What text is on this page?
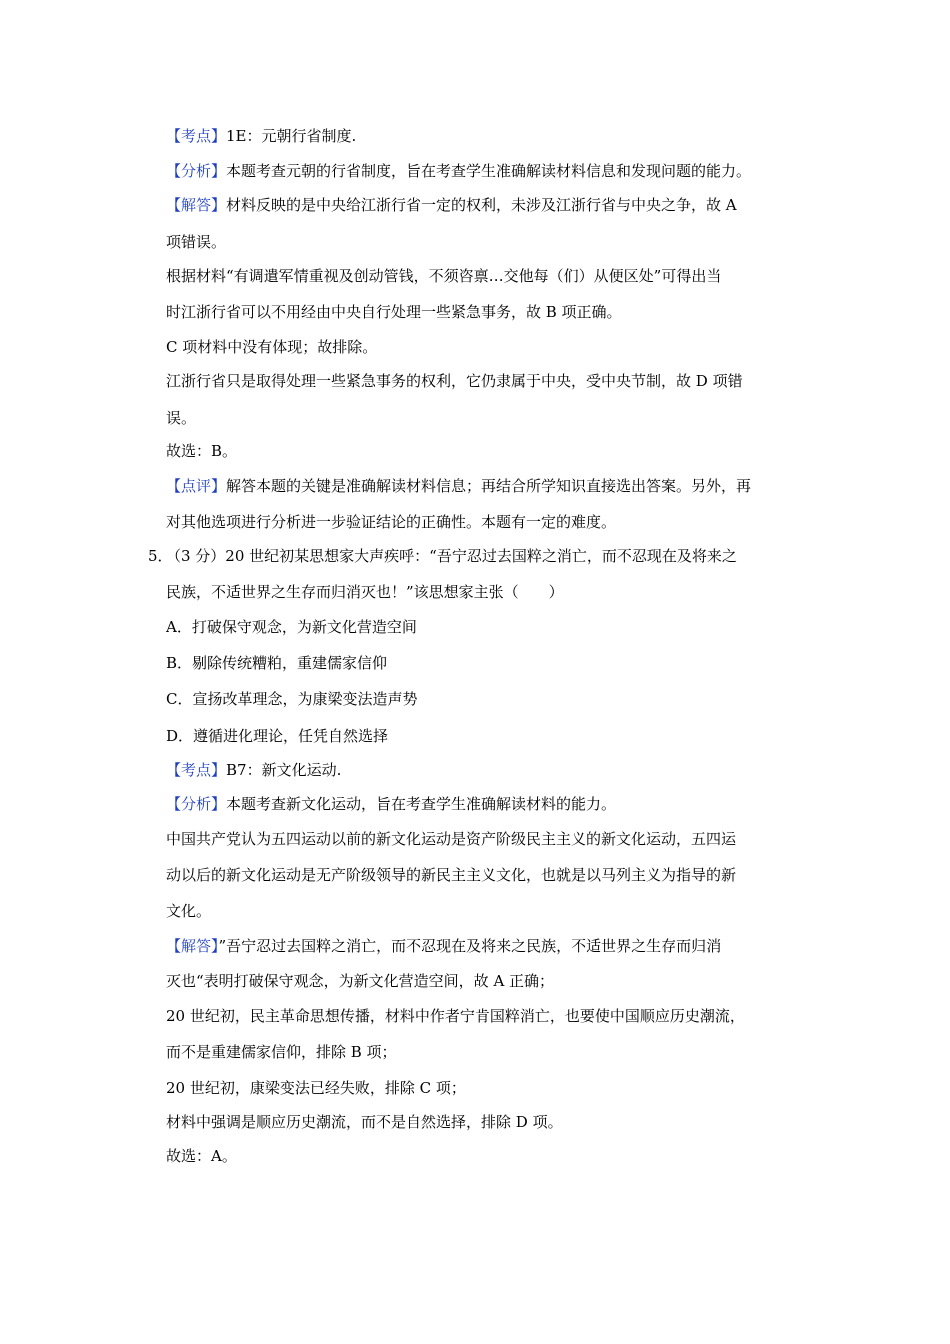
【考点】1E：元朝行省制度.
【分析】本题考查元朝的行省制度，旨在考查学生准确解读材料信息和发现问题的能力。
【解答】材料反映的是中央给江浙行省一定的权利，未涉及江浙行省与中央之争，故 A
项错误。
根据材料“有调遣军情重视及创动管钱，不须咨禀…交他每（们）从便区处”可得出当
时江浙行省可以不用经由中央自行处理一些紧急事务，故 B 项正确。
C 项材料中没有体现；故排除。
江浙行省只是取得处理一些紧急事务的权利，它仍隶属于中央，受中央节制，故 D 项错
误。
故选：B。
【点评】解答本题的关键是准确解读材料信息；再结合所学知识直接选出答案。另外，再
对其他选项进行分析进一步验证结论的正确性。本题有一定的难度。
5．
（3 分）20 世纪初某思想家大声疾呼：“吾宁忍过去国粹之消亡，而不忍现在及将来之
民族，不适世界之生存而归消灭也！”该思想家主张（　　）
A．打破保守观念，为新文化营造空间
B．剔除传统糟粕，重建儒家信仰
C．宣扬改革理念，为康梁变法造声势
D．遵循进化理论，任凭自然选择
【考点】B7：新文化运动.
【分析】本题考查新文化运动，旨在考查学生准确解读材料的能力。
中国共产党认为五四运动以前的新文化运动是资产阶级民主主义的新文化运动，五四运
动以后的新文化运动是无产阶级领导的新民主主义文化，也就是以马列主义为指导的新
文化。
【解答】”吾宁忍过去国粹之消亡，而不忍现在及将来之民族，不适世界之生存而归消
灭也“表明打破保守观念，为新文化营造空间，故 A 正确；
20 世纪初，民主革命思想传播，材料中作者宁肯国粹消亡，也要使中国顺应历史潮流，
而不是重建儒家信仰，排除 B 项；
20 世纪初，康梁变法已经失败，排除 C 项；
材料中强调是顺应历史潮流，而不是自然选择，排除 D 项。
故选：A。
